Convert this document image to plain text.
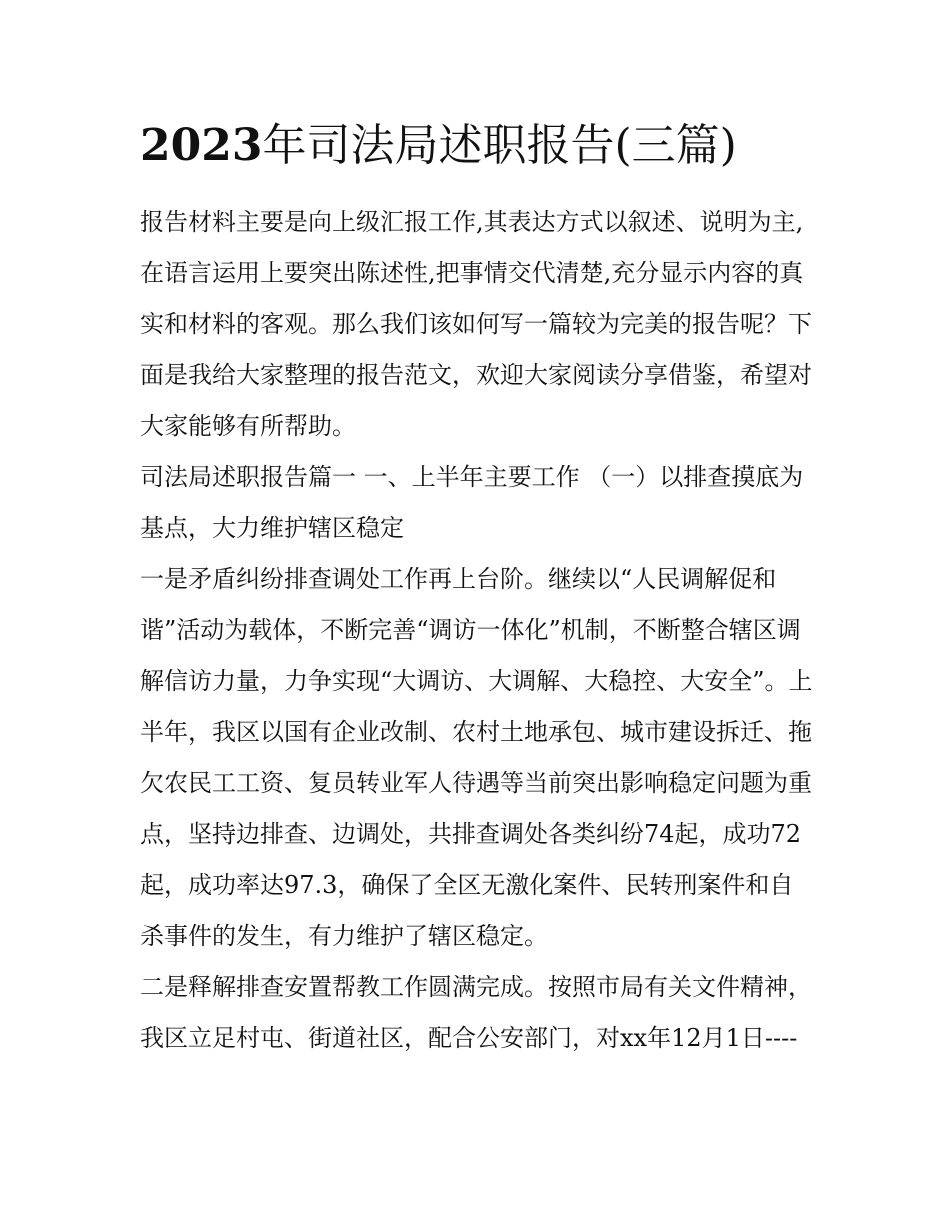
2023年司法局述职报告(三篇)

报告材料主要是向上级汇报工作,其表达方式以叙述、说明为主,在语言运用上要突出陈述性,把事情交代清楚,充分显示内容的真实和材料的客观。那么我们该如何写一篇较为完美的报告呢？下面是我给大家整理的报告范文，欢迎大家阅读分享借鉴，希望对大家能够有所帮助。

司法局述职报告篇一 一、上半年主要工作 （一）以排查摸底为基点，大力维护辖区稳定

一是矛盾纠纷排查调处工作再上台阶。继续以“人民调解促和谐”活动为载体，不断完善“调访一体化”机制，不断整合辖区调解信访力量，力争实现“大调访、大调解、大稳控、大安全”。上半年，我区以国有企业改制、农村土地承包、城市建设拆迁、拖欠农民工工资、复员转业军人待遇等当前突出影响稳定问题为重点，坚持边排查、边调处，共排查调处各类纠纷74起，成功72起，成功率达97.3，确保了全区无激化案件、民转刑案件和自杀事件的发生，有力维护了辖区稳定。

二是释解排查安置帮教工作圆满完成。按照市局有关文件精神，我区立足村屯、街道社区，配合公安部门，对xx年12月1日----
